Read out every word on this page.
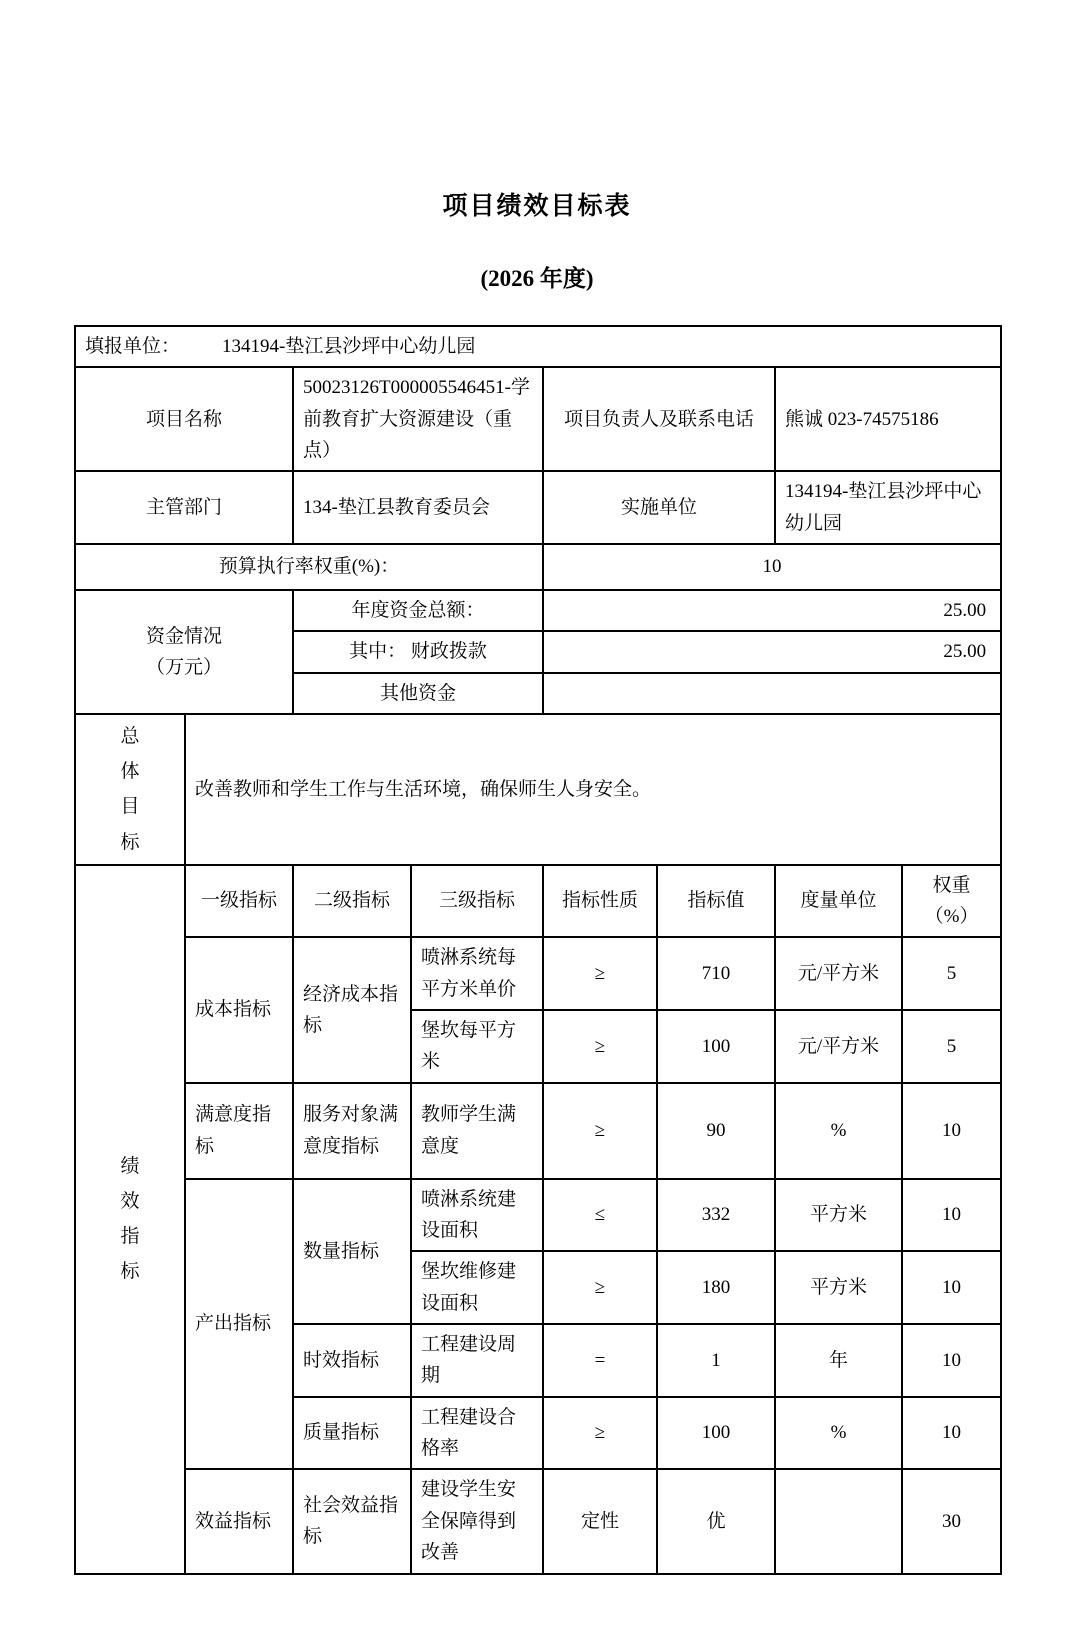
项目绩效目标表
(2026 年度)
填报单位： 134194-垫江县沙坪中心幼儿园							
项目名称		50023126T000005546451-学前教育扩大资源建设（重点）		项目负责人及联系电话		熊诚 023-74575186	
主管部门		134-垫江县教育委员会		实施单位		134194-垫江县沙坪中心幼儿园	
预算执行率权重(%)：				10			

资金情况
（万元）		年度资金总额：		25.00			
		其中： 财政拨款		25.00			
		其他资金					

总体目标	改善教师和学生工作与生活环境，确保师生人身安全。						

绩效指标	一级指标	二级指标	三级指标	指标性质	指标值	度量单位	权重（%）
	成本指标	经济成本指标	喷淋系统每平方米单价	≥	710	元/平方米	5
			堡坎每平方米	≥	100	元/平方米	5
	满意度指标	服务对象满意度指标	教师学生满意度	≥	90	%	10
	产出指标	数量指标	喷淋系统建设面积	≤	332	平方米	10
			堡坎维修建设面积	≥	180	平方米	10
		时效指标	工程建设周期	=	1	年	10
		质量指标	工程建设合格率	≥	100	%	10
	效益指标	社会效益指标	建设学生安全保障得到改善	定性	优		30
